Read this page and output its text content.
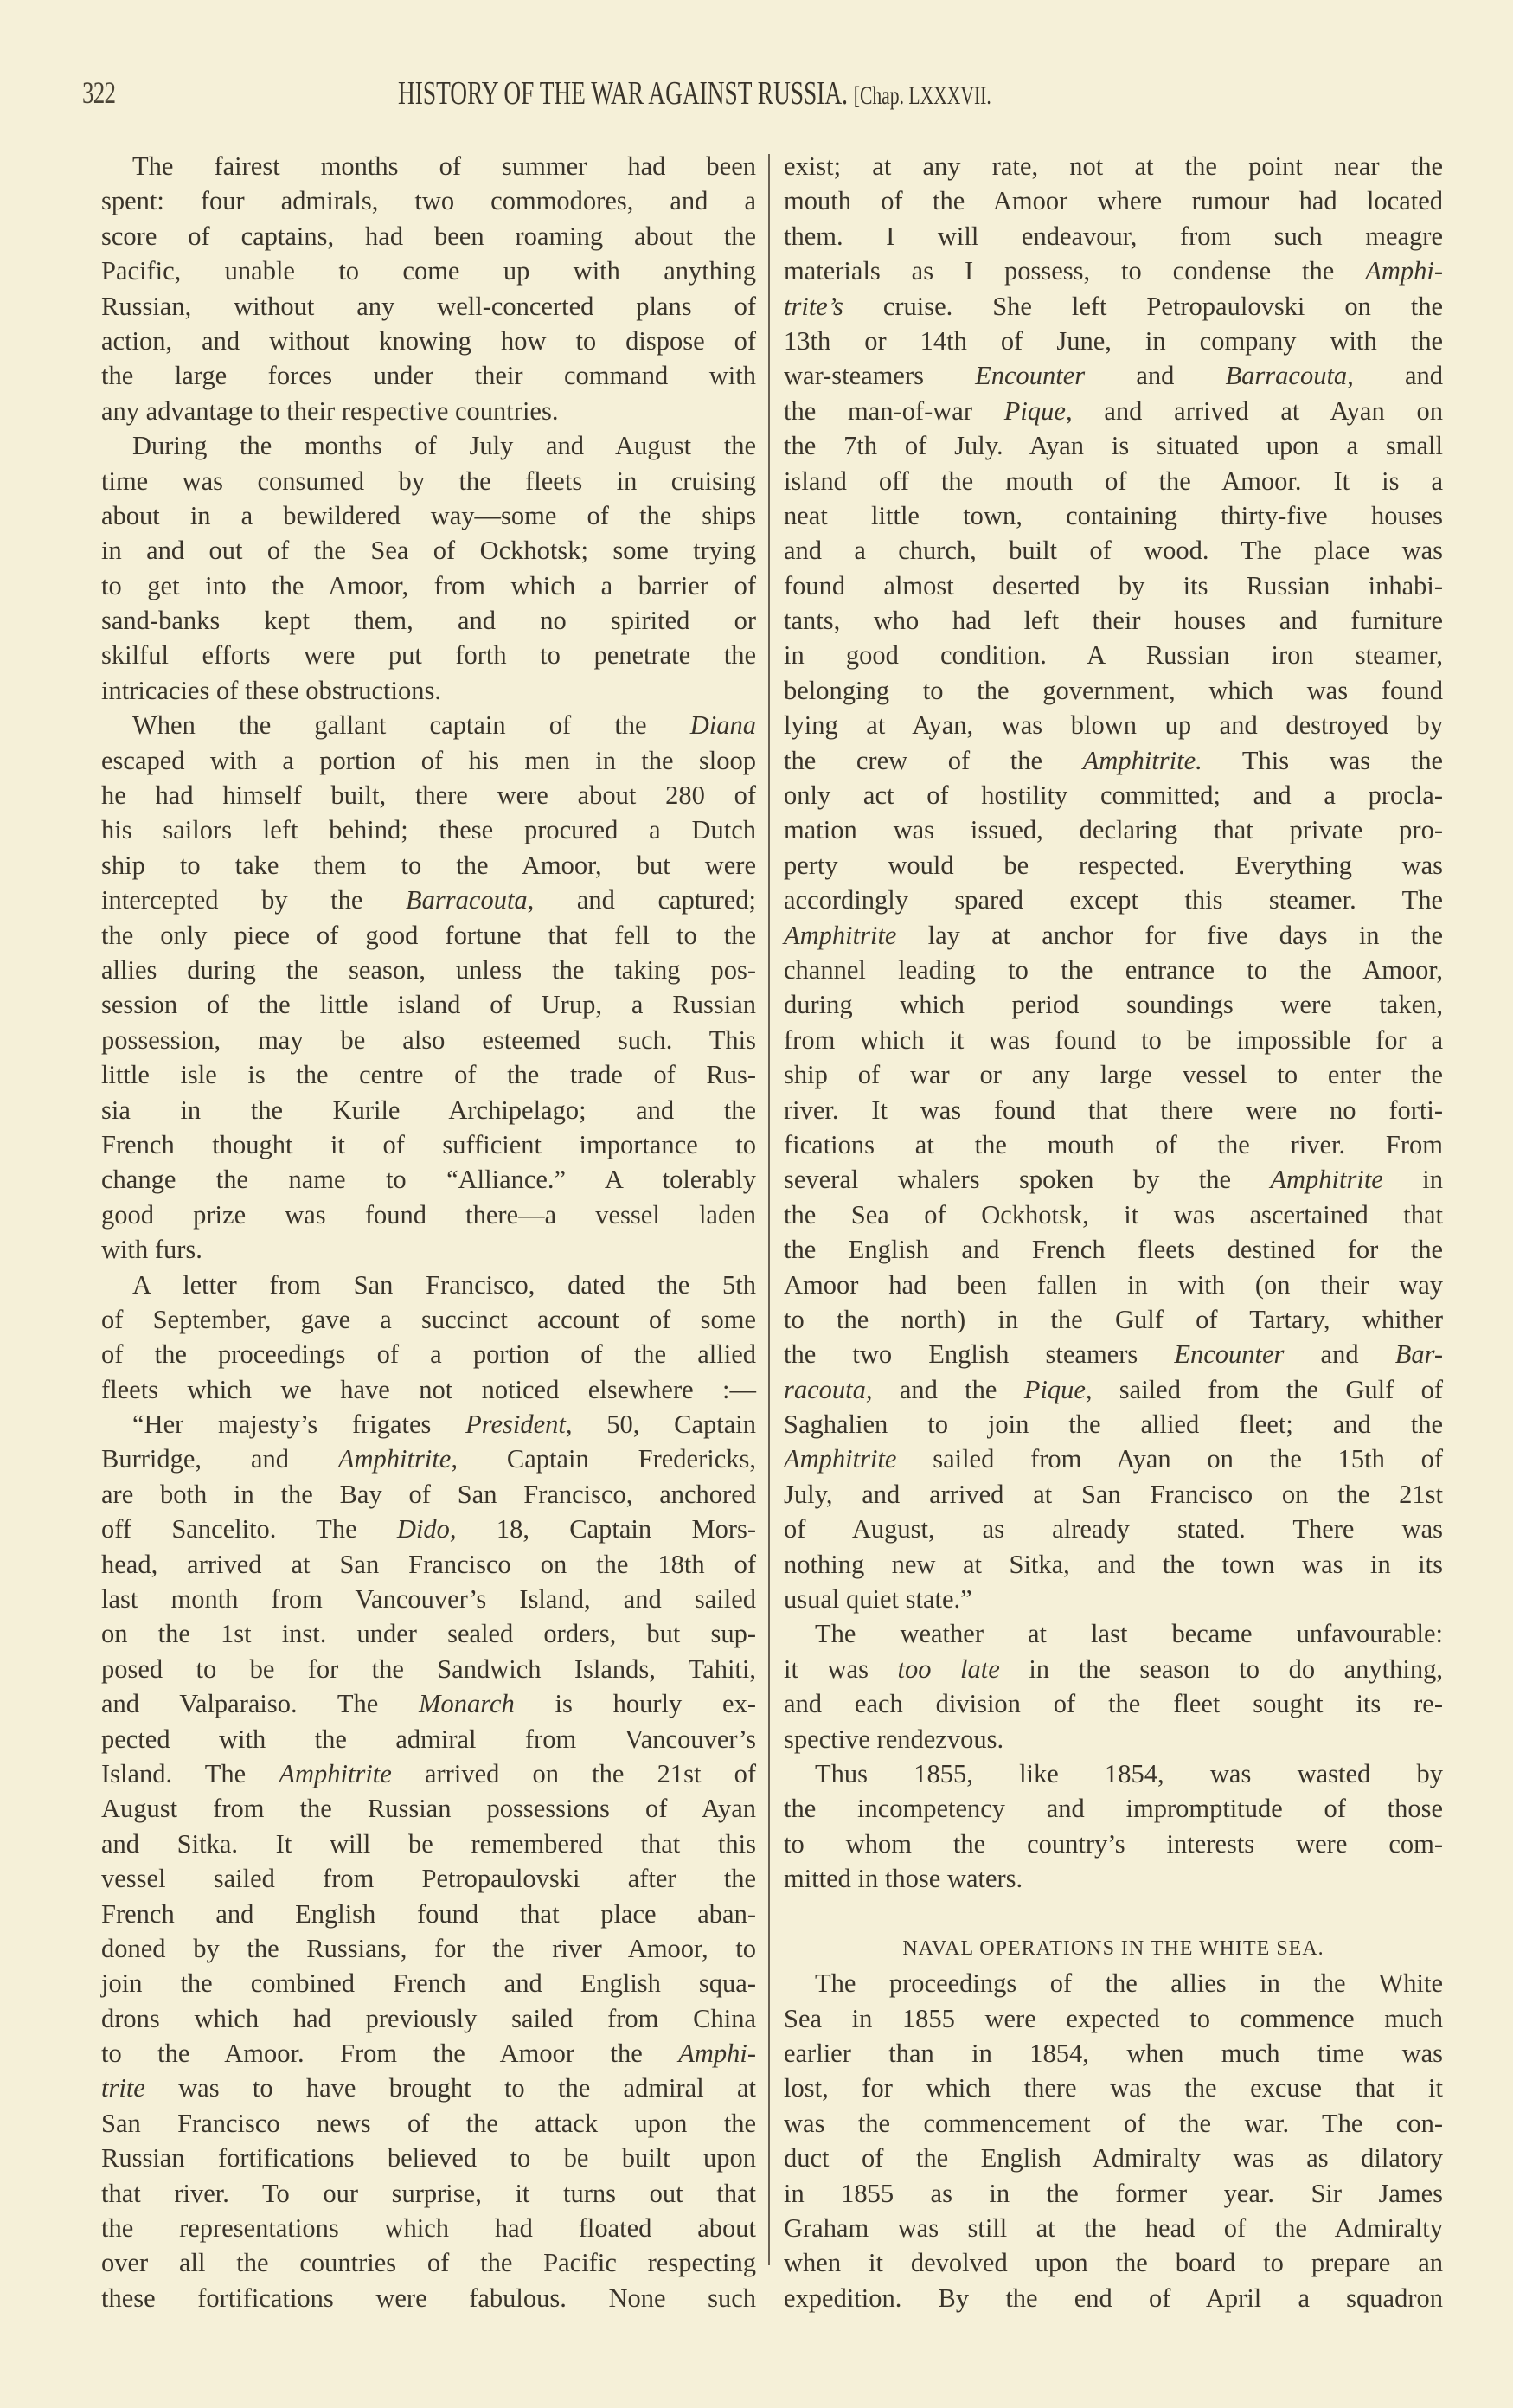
322	HISTORY OF THE WAR AGAINST RUSSIA. [Chap. LXXXVII.
The fairest months of summer had been
spent: four admirals, two commodores, and a
score of captains, had been roaming about the
Pacific, unable to come up with anything
Russian, without any well-concerted plans of
action, and without knowing how to dispose of
the large forces under their command with
any advantage to their respective countries.
During the months of July and August the
time was consumed by the fleets in cruising
about in a bewildered way—some of the ships
in and out of the Sea of Ockhotsk; some trying
to get into the Amoor, from which a barrier of
sand-banks kept them, and no spirited or
skilful efforts were put forth to penetrate the
intricacies of these obstructions.
When the gallant captain of the Diana
escaped with a portion of his men in the sloop
he had himself built, there were about 280 of
his sailors left behind; these procured a Dutch
ship to take them to the Amoor, but were
intercepted by the Barracouta, and captured;
the only piece of good fortune that fell to the
allies during the season, unless the taking pos-
session of the little island of Urup, a Russian
possession, may be also esteemed such. This
little isle is the centre of the trade of Rus-
sia in the Kurile Archipelago; and the
French thought it of sufficient importance to
change the name to “Alliance.” A tolerably
good prize was found there—a vessel laden
with furs.
A letter from San Francisco, dated the 5th
of September, gave a succinct account of some
of the proceedings of a portion of the allied
fleets which we have not noticed elsewhere :—
“Her majesty’s frigates President, 50, Captain
Burridge, and Amphitrite, Captain Fredericks,
are both in the Bay of San Francisco, anchored
off Sancelito. The Dido, 18, Captain Mors-
head, arrived at San Francisco on the 18th of
last month from Vancouver’s Island, and sailed
on the 1st inst. under sealed orders, but sup-
posed to be for the Sandwich Islands, Tahiti,
and Valparaiso. The Monarch is hourly ex-
pected with the admiral from Vancouver’s
Island. The Amphitrite arrived on the 21st of
August from the Russian possessions of Ayan
and Sitka. It will be remembered that this
vessel sailed from Petropaulovski after the
French and English found that place aban-
doned by the Russians, for the river Amoor, to
join the combined French and English squa-
drons which had previously sailed from China
to the Amoor. From the Amoor the Amphi-
trite was to have brought to the admiral at
San Francisco news of the attack upon the
Russian fortifications believed to be built upon
that river. To our surprise, it turns out that
the representations which had floated about
over all the countries of the Pacific respecting
these fortifications were fabulous. None such
exist; at any rate, not at the point near the
mouth of the Amoor where rumour had located
them. I will endeavour, from such meagre
materials as I possess, to condense the Amphi-
trite’s cruise. She left Petropaulovski on the
13th or 14th of June, in company with the
war-steamers Encounter and Barracouta, and
the man-of-war Pique, and arrived at Ayan on
the 7th of July. Ayan is situated upon a small
island off the mouth of the Amoor. It is a
neat little town, containing thirty-five houses
and a church, built of wood. The place was
found almost deserted by its Russian inhabi-
tants, who had left their houses and furniture
in good condition. A Russian iron steamer,
belonging to the government, which was found
lying at Ayan, was blown up and destroyed by
the crew of the Amphitrite. This was the
only act of hostility committed; and a procla-
mation was issued, declaring that private pro-
perty would be respected. Everything was
accordingly spared except this steamer. The
Amphitrite lay at anchor for five days in the
channel leading to the entrance to the Amoor,
during which period soundings were taken,
from which it was found to be impossible for a
ship of war or any large vessel to enter the
river. It was found that there were no forti-
fications at the mouth of the river. From
several whalers spoken by the Amphitrite in
the Sea of Ockhotsk, it was ascertained that
the English and French fleets destined for the
Amoor had been fallen in with (on their way
to the north) in the Gulf of Tartary, whither
the two English steamers Encounter and Bar-
racouta, and the Pique, sailed from the Gulf of
Saghalien to join the allied fleet; and the
Amphitrite sailed from Ayan on the 15th of
July, and arrived at San Francisco on the 21st
of August, as already stated. There was
nothing new at Sitka, and the town was in its
usual quiet state.”
The weather at last became unfavourable:
it was too late in the season to do anything,
and each division of the fleet sought its re-
spective rendezvous.
Thus 1855, like 1854, was wasted by
the incompetency and impromptitude of those
to whom the country’s interests were com-
mitted in those waters.
NAVAL OPERATIONS IN THE WHITE SEA.
The proceedings of the allies in the White
Sea in 1855 were expected to commence much
earlier than in 1854, when much time was
lost, for which there was the excuse that it
was the commencement of the war. The con-
duct of the English Admiralty was as dilatory
in 1855 as in the former year. Sir James
Graham was still at the head of the Admiralty
when it devolved upon the board to prepare an
expedition. By the end of April a squadron
